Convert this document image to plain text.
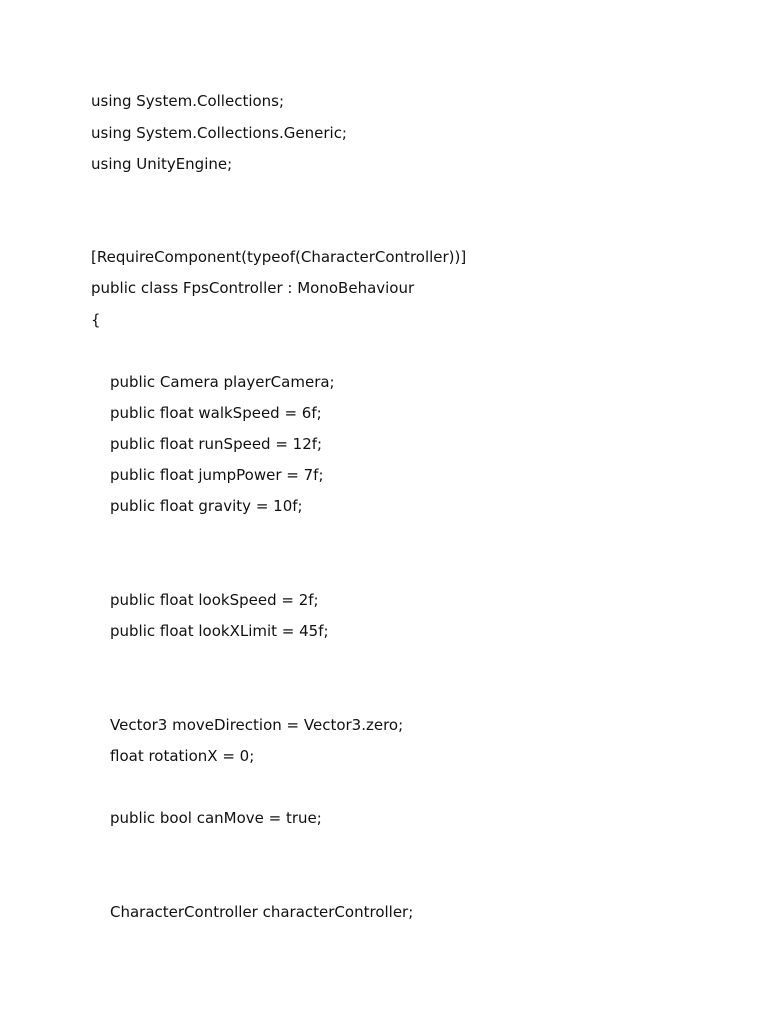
using System.Collections;
using System.Collections.Generic;
using UnityEngine;
[RequireComponent(typeof(CharacterController))]
public class FpsController : MonoBehaviour
{
public Camera playerCamera;
public float walkSpeed = 6f;
public float runSpeed = 12f;
public float jumpPower = 7f;
public float gravity = 10f;
public float lookSpeed = 2f;
public float lookXLimit = 45f;
Vector3 moveDirection = Vector3.zero;
float rotationX = 0;
public bool canMove = true;
CharacterController characterController;
